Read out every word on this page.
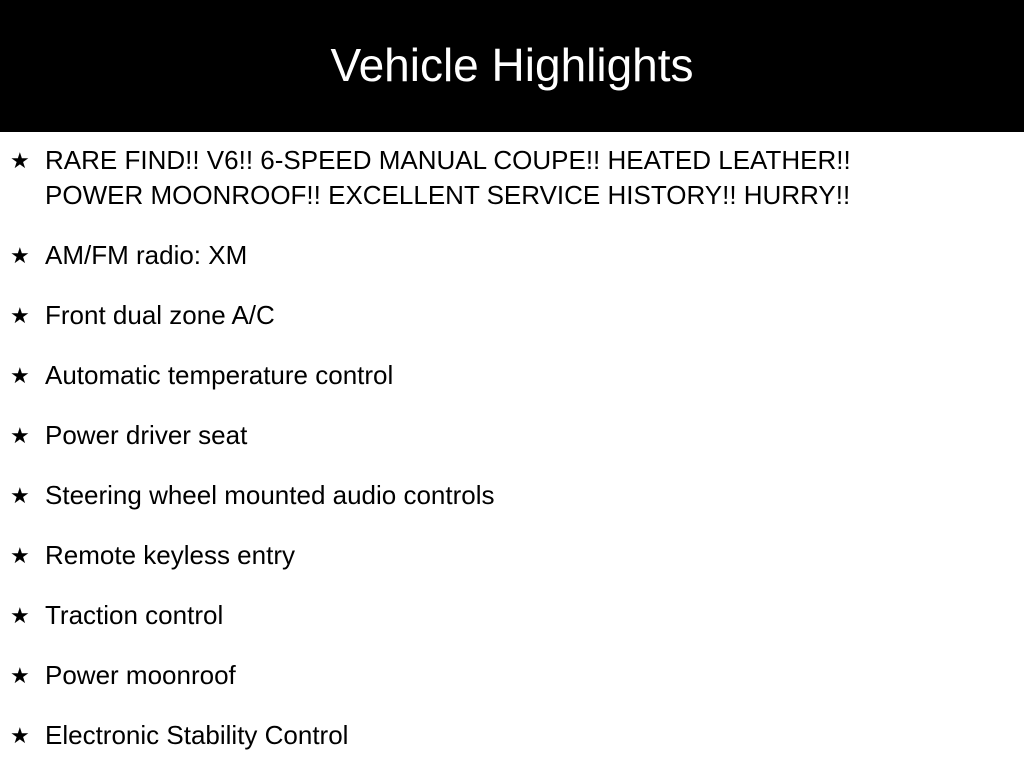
Vehicle Highlights
★ RARE FIND!! V6!! 6-SPEED MANUAL COUPE!! HEATED LEATHER!!
POWER MOONROOF!! EXCELLENT SERVICE HISTORY!! HURRY!!
★ AM/FM radio: XM
★ Front dual zone A/C
★ Automatic temperature control
★ Power driver seat
★ Steering wheel mounted audio controls
★ Remote keyless entry
★ Traction control
★ Power moonroof
★ Electronic Stability Control
